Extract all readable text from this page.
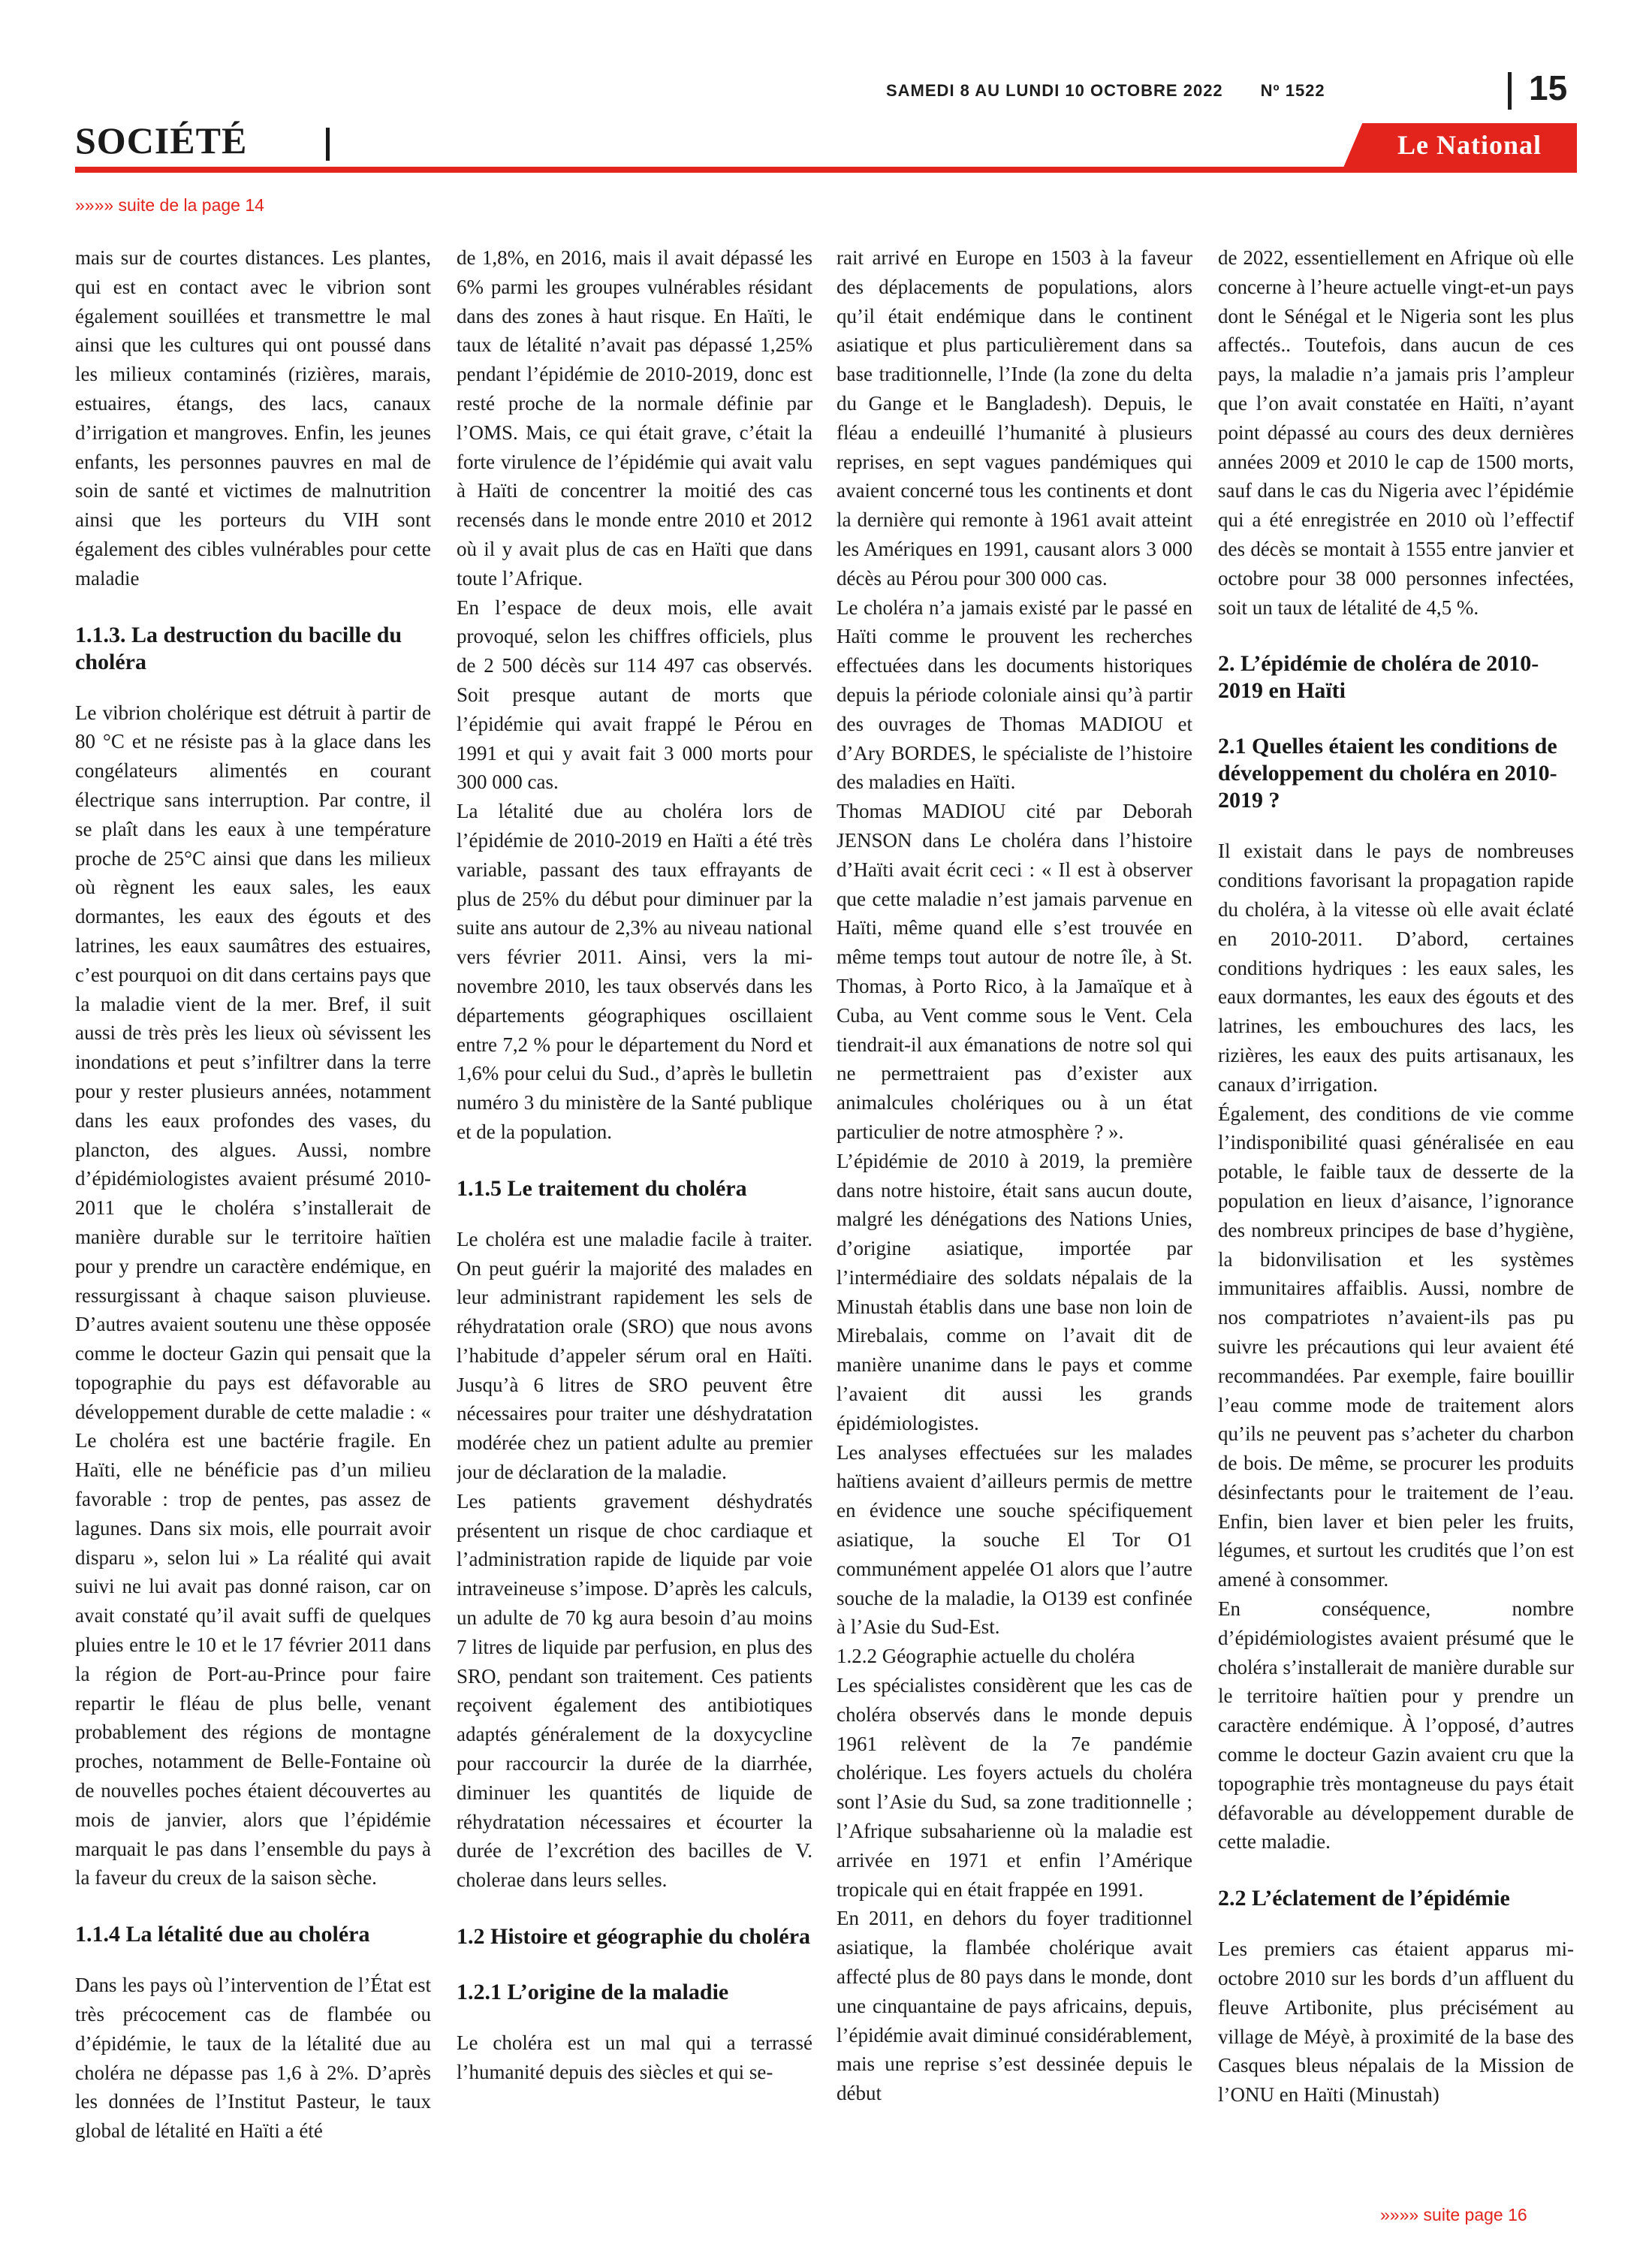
SAMEDI 8 AU LUNDI 10 OCTOBRE 2022 Nº 1522	15
SOCIÉTÉ	Le National
»»»» suite de la page 14

mais sur de courtes distances. Les plantes, qui est en contact avec le vibrion sont également souillées et transmettre le mal ainsi que les cultures qui ont poussé dans les milieux contaminés (rizières, marais, estuaires, étangs, des lacs, canaux d’irrigation et mangroves. Enfin, les jeunes enfants, les personnes pauvres en mal de soin de santé et victimes de malnutrition ainsi que les porteurs du VIH sont également des cibles vulnérables pour cette maladie

1.1.3. La destruction du bacille du choléra

Le vibrion cholérique est détruit à partir de 80 °C et ne résiste pas à la glace dans les congélateurs alimentés en courant électrique sans interruption. Par contre, il se plaît dans les eaux à une température proche de 25°C ainsi que dans les milieux où règnent les eaux sales, les eaux dormantes, les eaux des égouts et des latrines, les eaux saumâtres des estuaires, c’est pourquoi on dit dans certains pays que la maladie vient de la mer. Bref, il suit aussi de très près les lieux où sévissent les inondations et peut s’infiltrer dans la terre pour y rester plusieurs années, notamment dans les eaux profondes des vases, du plancton, des algues. Aussi, nombre d’épidémiologistes avaient présumé 2010-2011 que le choléra s’installerait de manière durable sur le territoire haïtien pour y prendre un caractère endémique, en ressurgissant à chaque saison pluvieuse. D’autres avaient soutenu une thèse opposée comme le docteur Gazin qui pensait que la topographie du pays est défavorable au développement durable de cette maladie : « Le choléra est une bactérie fragile. En Haïti, elle ne bénéficie pas d’un milieu favorable : trop de pentes, pas assez de lagunes. Dans six mois, elle pourrait avoir disparu », selon lui » La réalité qui avait suivi ne lui avait pas donné raison, car on avait constaté qu’il avait suffi de quelques pluies entre le 10 et le 17 février 2011 dans la région de Port-au-Prince pour faire repartir le fléau de plus belle, venant probablement des régions de montagne proches, notamment de Belle-Fontaine où de nouvelles poches étaient découvertes au mois de janvier, alors que l’épidémie marquait le pas dans l’ensemble du pays à la faveur du creux de la saison sèche.

1.1.4 La létalité due au choléra

Dans les pays où l’intervention de l’État est très précocement cas de flambée ou d’épidémie, le taux de la létalité due au choléra ne dépasse pas 1,6 à 2%. D’après les données de l’Institut Pasteur, le taux global de létalité en Haïti a été

de 1,8%, en 2016, mais il avait dépassé les 6% parmi les groupes vulnérables résidant dans des zones à haut risque. En Haïti, le taux de létalité n’avait pas dépassé 1,25% pendant l’épidémie de 2010-2019, donc est resté proche de la normale définie par l’OMS. Mais, ce qui était grave, c’était la forte virulence de l’épidémie qui avait valu à Haïti de concentrer la moitié des cas recensés dans le monde entre 2010 et 2012 où il y avait plus de cas en Haïti que dans toute l’Afrique.

En l’espace de deux mois, elle avait provoqué, selon les chiffres officiels, plus de 2 500 décès sur 114 497 cas observés. Soit presque autant de morts que l’épidémie qui avait frappé le Pérou en 1991 et qui y avait fait 3 000 morts pour 300 000 cas.

La létalité due au choléra lors de l’épidémie de 2010-2019 en Haïti a été très variable, passant des taux effrayants de plus de 25% du début pour diminuer par la suite ans autour de 2,3% au niveau national vers février 2011. Ainsi, vers la mi-novembre 2010, les taux observés dans les départements géographiques oscillaient entre 7,2 % pour le département du Nord et 1,6% pour celui du Sud., d’après le bulletin numéro 3 du ministère de la Santé publique et de la population.

1.1.5 Le traitement du choléra

Le choléra est une maladie facile à traiter. On peut guérir la majorité des malades en leur administrant rapidement les sels de réhydratation orale (SRO) que nous avons l’habitude d’appeler sérum oral en Haïti. Jusqu’à 6 litres de SRO peuvent être nécessaires pour traiter une déshydratation modérée chez un patient adulte au premier jour de déclaration de la maladie.

Les patients gravement déshydratés présentent un risque de choc cardiaque et l’administration rapide de liquide par voie intraveineuse s’impose. D’après les calculs, un adulte de 70 kg aura besoin d’au moins 7 litres de liquide par perfusion, en plus des SRO, pendant son traitement. Ces patients reçoivent également des antibiotiques adaptés généralement de la doxycycline pour raccourcir la durée de la diarrhée, diminuer les quantités de liquide de réhydratation nécessaires et écourter la durée de l’excrétion des bacilles de V. cholerae dans leurs selles.

1.2 Histoire et géographie du choléra
1.2.1 L’origine de la maladie

Le choléra est un mal qui a terrassé l’humanité depuis des siècles et qui se-

rait arrivé en Europe en 1503 à la faveur des déplacements de populations, alors qu’il était endémique dans le continent asiatique et plus particulièrement dans sa base traditionnelle, l’Inde (la zone du delta du Gange et le Bangladesh). Depuis, le fléau a endeuillé l’humanité à plusieurs reprises, en sept vagues pandémiques qui avaient concerné tous les continents et dont la dernière qui remonte à 1961 avait atteint les Amériques en 1991, causant alors 3 000 décès au Pérou pour 300 000 cas.

Le choléra n’a jamais existé par le passé en Haïti comme le prouvent les recherches effectuées dans les documents historiques depuis la période coloniale ainsi qu’à partir des ouvrages de Thomas MADIOU et d’Ary BORDES, le spécialiste de l’histoire des maladies en Haïti.

Thomas MADIOU cité par Deborah JENSON dans Le choléra dans l’histoire d’Haïti avait écrit ceci : « Il est à observer que cette maladie n’est jamais parvenue en Haïti, même quand elle s’est trouvée en même temps tout autour de notre île, à St. Thomas, à Porto Rico, à la Jamaïque et à Cuba, au Vent comme sous le Vent. Cela tiendrait-il aux émanations de notre sol qui ne permettraient pas d’exister aux animalcules cholériques ou à un état particulier de notre atmosphère ? ».

L’épidémie de 2010 à 2019, la première dans notre histoire, était sans aucun doute, malgré les dénégations des Nations Unies, d’origine asiatique, importée par l’intermédiaire des soldats népalais de la Minustah établis dans une base non loin de Mirebalais, comme on l’avait dit de manière unanime dans le pays et comme l’avaient dit aussi les grands épidémiologistes.

Les analyses effectuées sur les malades haïtiens avaient d’ailleurs permis de mettre en évidence une souche spécifiquement asiatique, la souche El Tor O1 communément appelée O1 alors que l’autre souche de la maladie, la O139 est confinée à l’Asie du Sud-Est.

1.2.2 Géographie actuelle du choléra

Les spécialistes considèrent que les cas de choléra observés dans le monde depuis 1961 relèvent de la 7e pandémie cholérique. Les foyers actuels du choléra sont l’Asie du Sud, sa zone traditionnelle ; l’Afrique subsaharienne où la maladie est arrivée en 1971 et enfin l’Amérique tropicale qui en était frappée en 1991.

En 2011, en dehors du foyer traditionnel asiatique, la flambée cholérique avait affecté plus de 80 pays dans le monde, dont une cinquantaine de pays africains, depuis, l’épidémie avait diminué considérablement, mais une reprise s’est dessinée depuis le début

de 2022, essentiellement en Afrique où elle concerne à l’heure actuelle vingt-et-un pays dont le Sénégal et le Nigeria sont les plus affectés.. Toutefois, dans aucun de ces pays, la maladie n’a jamais pris l’ampleur que l’on avait constatée en Haïti, n’ayant point dépassé au cours des deux dernières années 2009 et 2010 le cap de 1500 morts, sauf dans le cas du Nigeria avec l’épidémie qui a été enregistrée en 2010 où l’effectif des décès se montait à 1555 entre janvier et octobre pour 38 000 personnes infectées, soit un taux de létalité de 4,5 %.

2. L’épidémie de choléra de 2010-2019 en Haïti
2.1 Quelles étaient les conditions de développement du choléra en 2010-2019 ?

Il existait dans le pays de nombreuses conditions favorisant la propagation rapide du choléra, à la vitesse où elle avait éclaté en 2010-2011. D’abord, certaines conditions hydriques : les eaux sales, les eaux dormantes, les eaux des égouts et des latrines, les embouchures des lacs, les rizières, les eaux des puits artisanaux, les canaux d’irrigation.

Également, des conditions de vie comme l’indisponibilité quasi généralisée en eau potable, le faible taux de desserte de la population en lieux d’aisance, l’ignorance des nombreux principes de base d’hygiène, la bidonvilisation et les systèmes immunitaires affaiblis. Aussi, nombre de nos compatriotes n’avaient-ils pas pu suivre les précautions qui leur avaient été recommandées. Par exemple, faire bouillir l’eau comme mode de traitement alors qu’ils ne peuvent pas s’acheter du charbon de bois. De même, se procurer les produits désinfectants pour le traitement de l’eau. Enfin, bien laver et bien peler les fruits, légumes, et surtout les crudités que l’on est amené à consommer.

En conséquence, nombre d’épidémiologistes avaient présumé que le choléra s’installerait de manière durable sur le territoire haïtien pour y prendre un caractère endémique. À l’opposé, d’autres comme le docteur Gazin avaient cru que la topographie très montagneuse du pays était défavorable au développement durable de cette maladie.

2.2 L’éclatement de l’épidémie

Les premiers cas étaient apparus mi-octobre 2010 sur les bords d’un affluent du fleuve Artibonite, plus précisément au village de Méyè, à proximité de la base des Casques bleus népalais de la Mission de l’ONU en Haïti (Minustah)

»»»» suite page 16
